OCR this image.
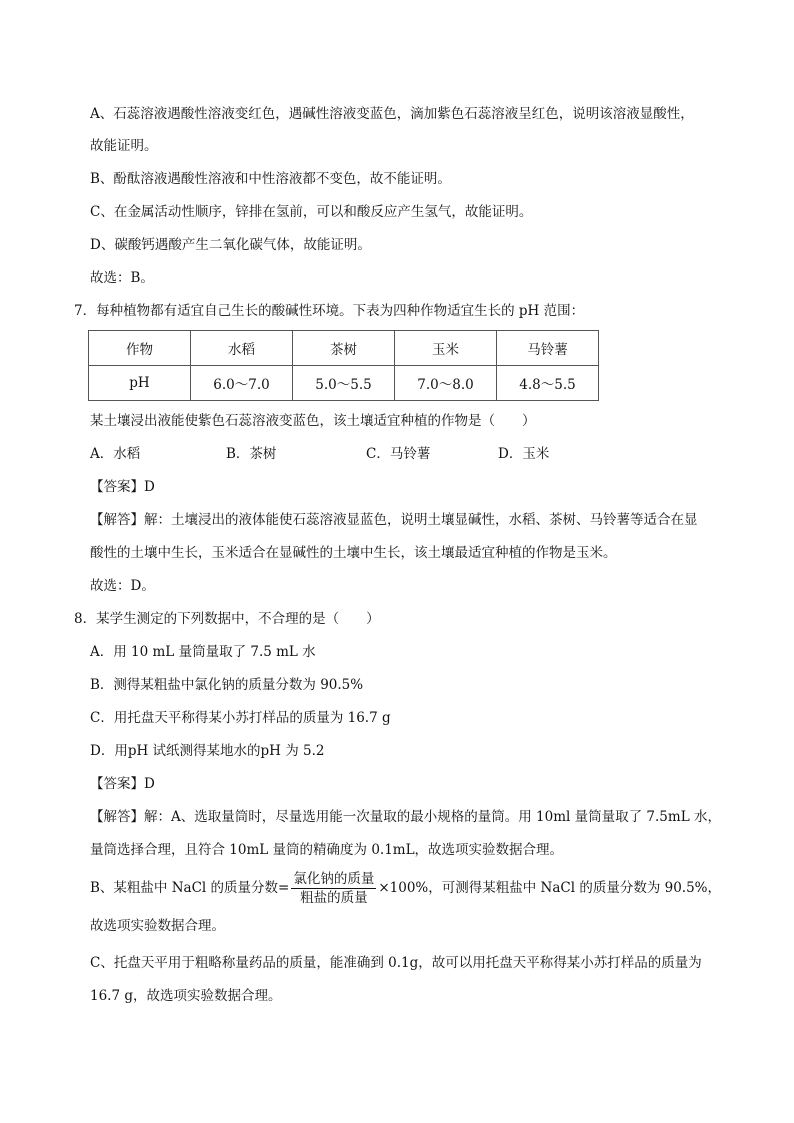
A、石蕊溶液遇酸性溶液变红色，遇碱性溶液变蓝色，滴加紫色石蕊溶液呈红色，说明该溶液显酸性，
故能证明。
B、酚酞溶液遇酸性溶液和中性溶液都不变色，故不能证明。
C、在金属活动性顺序，锌排在氢前，可以和酸反应产生氢气，故能证明。
D、碳酸钙遇酸产生二氧化碳气体，故能证明。
故选：B。
7．每种植物都有适宜自己生长的酸碱性环境。下表为四种作物适宜生长的 pH 范围：
作物	水稻	茶树	玉米	马铃薯
pH	6.0～7.0	5.0～5.5	7.0～8.0	4.8～5.5
某土壤浸出液能使紫色石蕊溶液变蓝色，该土壤适宜种植的作物是（　　）
A．水稻	B．茶树	C．马铃薯	D．玉米
【答案】D
【解答】解：土壤浸出的液体能使石蕊溶液显蓝色，说明土壤显碱性，水稻、茶树、马铃薯等适合在显
酸性的土壤中生长，玉米适合在显碱性的土壤中生长，该土壤最适宜种植的作物是玉米。
故选：D。
8．某学生测定的下列数据中，不合理的是（　　）
A．用 10 mL 量筒量取了 7.5 mL 水
B．测得某粗盐中氯化钠的质量分数为 90.5%
C．用托盘天平称得某小苏打样品的质量为 16.7 g
D．用pH 试纸测得某地水的pH 为 5.2
【答案】D
【解答】解：A、选取量筒时，尽量选用能一次量取的最小规格的量筒。用 10ml 量筒量取了 7.5mL 水，
量筒选择合理，且符合 10mL 量筒的精确度为 0.1mL，故选项实验数据合理。
B、某粗盐中 NaCl 的质量分数= $\frac{\text{氯化钠的质量}}{\text{粗盐的质量}} \times 100\%$，可测得某粗盐中 NaCl 的质量分数为 90.5%，
故选项实验数据合理。
C、托盘天平用于粗略称量药品的质量，能准确到 0.1g，故可以用托盘天平称得某小苏打样品的质量为
16.7 g，故选项实验数据合理。
